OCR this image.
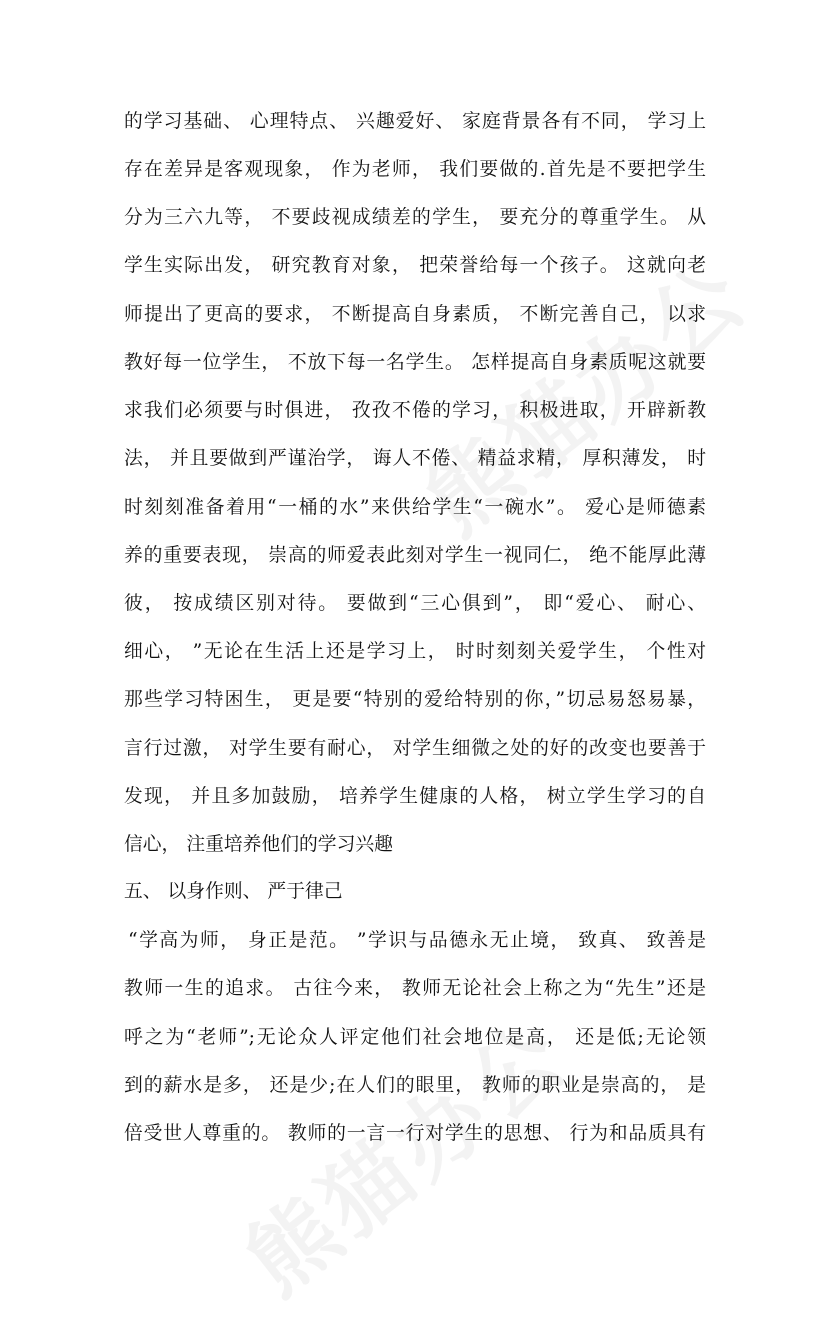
的学习基础、 心理特点、 兴趣爱好、 家庭背景各有不同， 学习上
存在差异是客观现象， 作为老师， 我们要做的.首先是不要把学生
分为三六九等， 不要歧视成绩差的学生， 要充分的尊重学生。 从
学生实际出发， 研究教育对象， 把荣誉给每一个孩子。 这就向老
师提出了更高的要求， 不断提高自身素质， 不断完善自己， 以求
教好每一位学生， 不放下每一名学生。 怎样提高自身素质呢这就要
求我们必须要与时俱进， 孜孜不倦的学习， 积极进取， 开辟新教
法， 并且要做到严谨治学， 诲人不倦、 精益求精， 厚积薄发， 时
时刻刻准备着用“一桶的水”来供给学生“一碗水”。 爱心是师德素
养的重要表现， 崇高的师爱表此刻对学生一视同仁， 绝不能厚此薄
彼， 按成绩区别对待。 要做到“三心俱到”， 即“爱心、 耐心、
细心， ”无论在生活上还是学习上， 时时刻刻关爱学生， 个性对
那些学习特困生， 更是要“特别的爱给特别的你，”切忌易怒易暴，
言行过激， 对学生要有耐心， 对学生细微之处的好的改变也要善于
发现， 并且多加鼓励， 培养学生健康的人格， 树立学生学习的自
信心， 注重培养他们的学习兴趣
五、 以身作则、 严于律己
“学高为师， 身正是范。 ”学识与品德永无止境， 致真、 致善是
教师一生的追求。 古往今来， 教师无论社会上称之为“先生”还是
呼之为“老师”;无论众人评定他们社会地位是高， 还是低;无论领
到的薪水是多， 还是少;在人们的眼里， 教师的职业是崇高的， 是
倍受世人尊重的。 教师的一言一行对学生的思想、 行为和品质具有
